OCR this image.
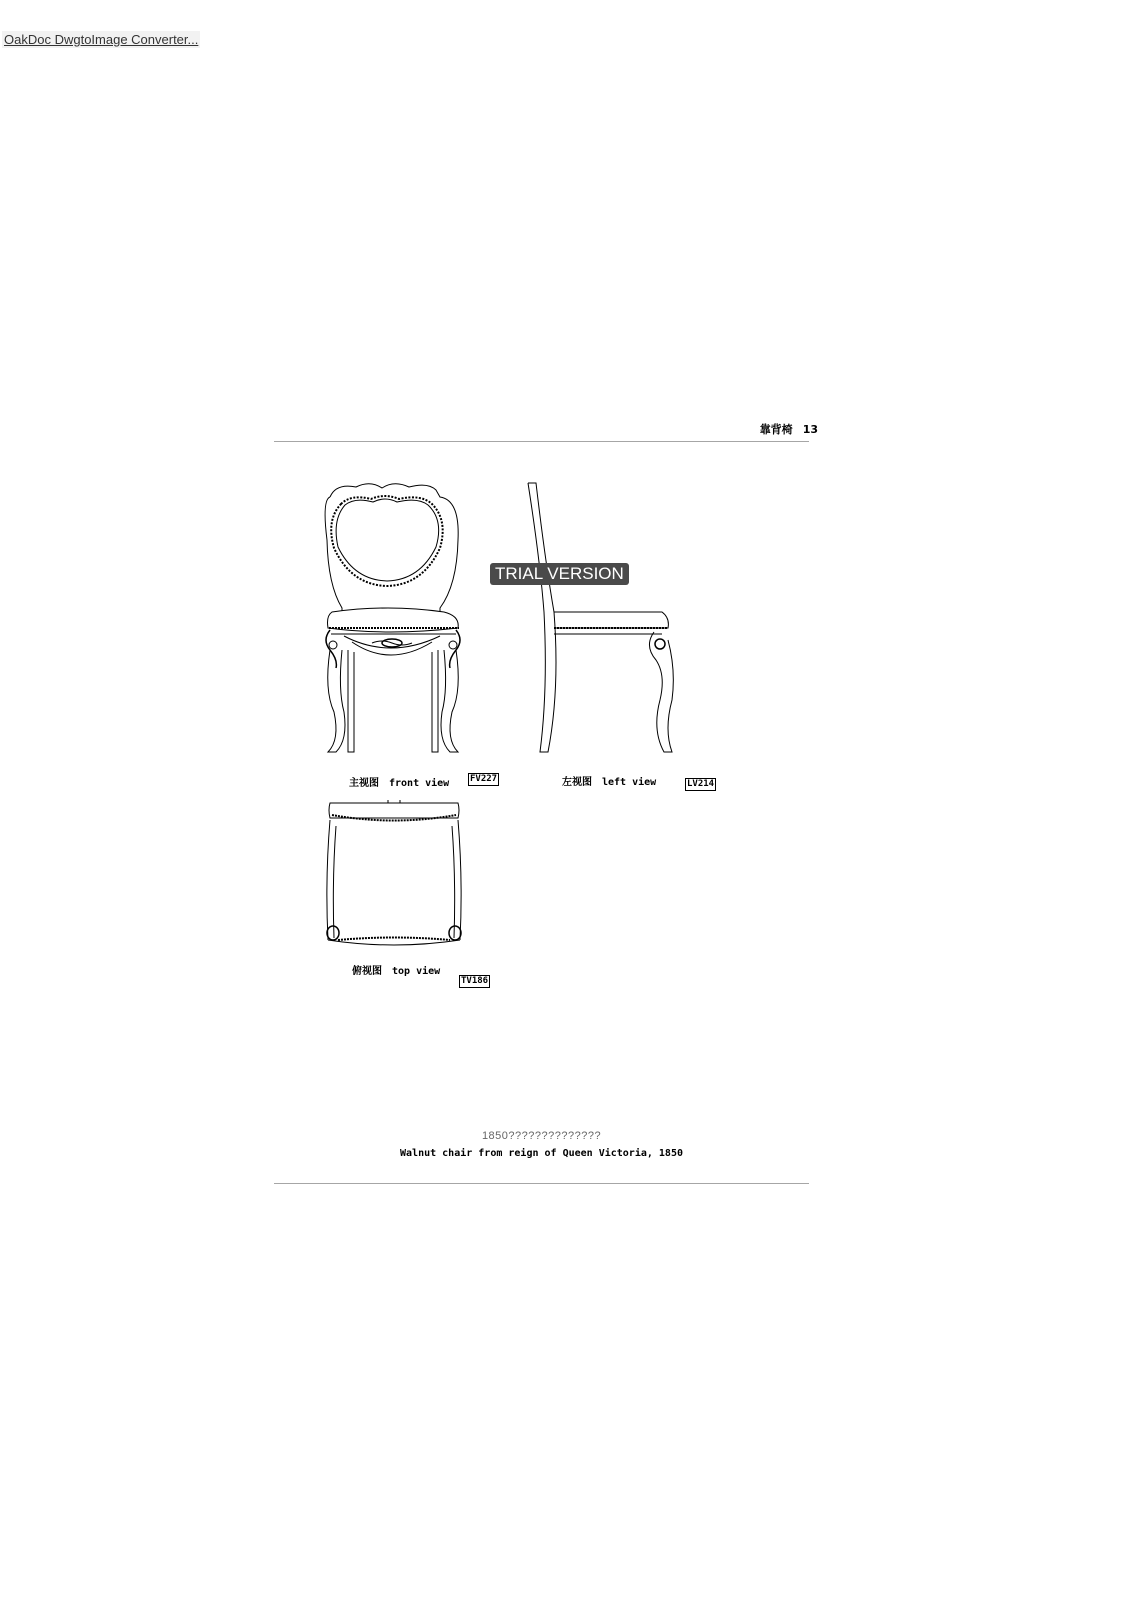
OakDoc DwgtoImage Converter...
靠背椅 13
TRIAL VERSION
主视图 front view FV227	左视图 left view	LV214
俯视图 top view
TV186
1850??????????????
Walnut chair from reign of Queen Victoria, 1850
